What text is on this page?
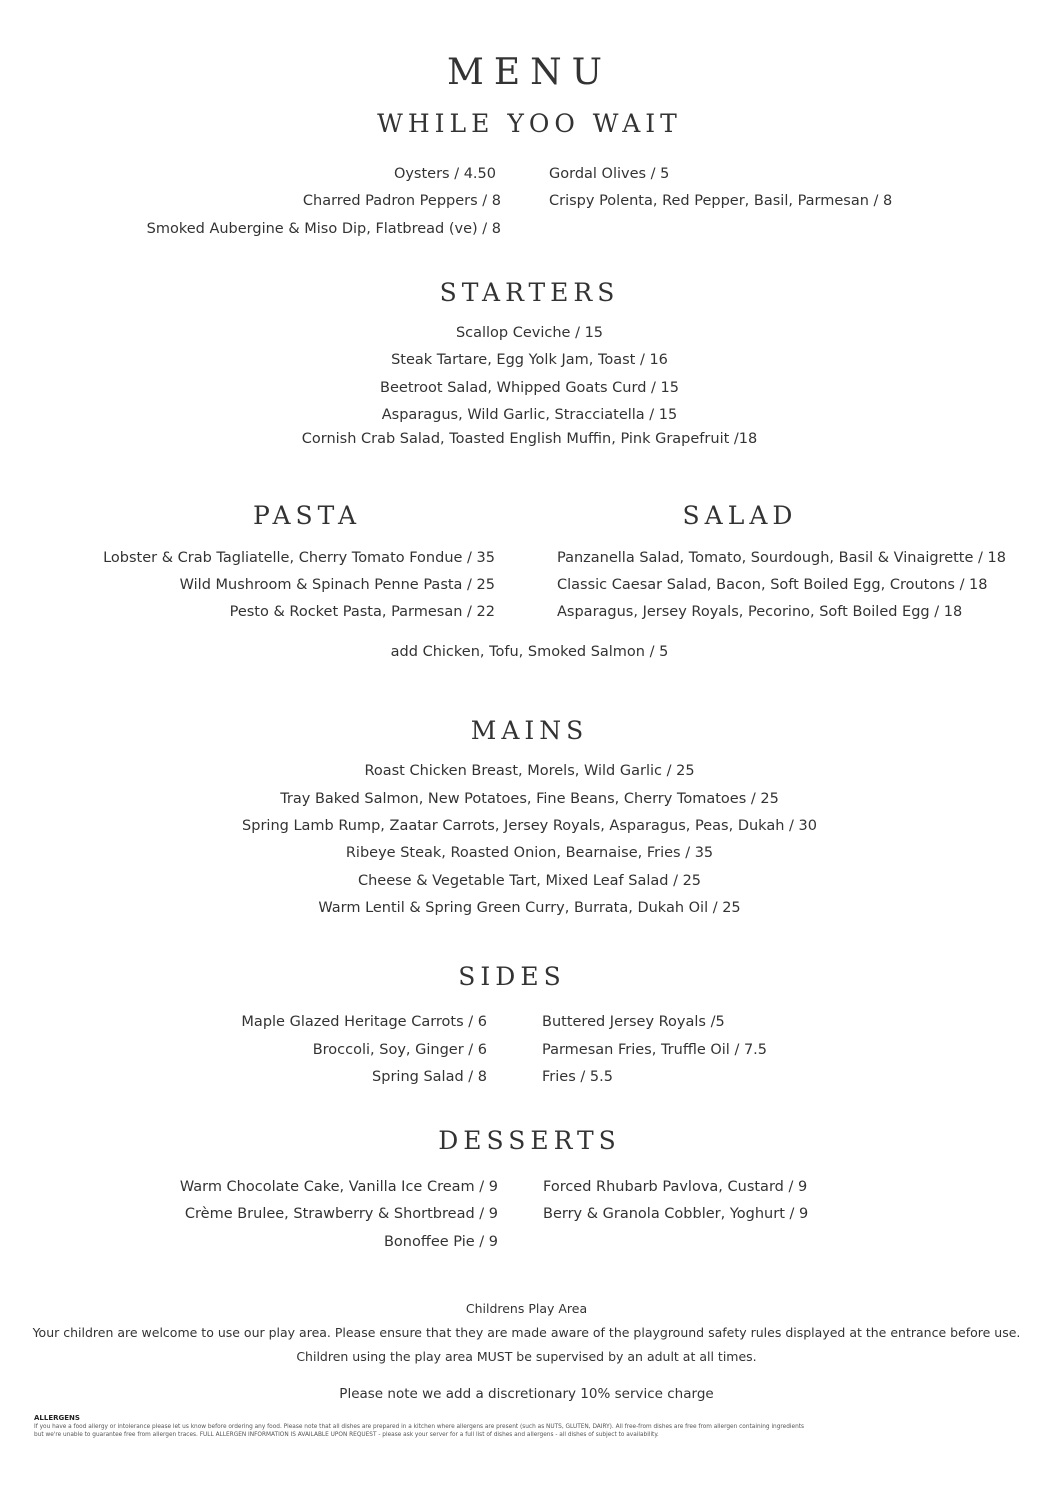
MENU
WHILE YOO WAIT
Oysters / 4.50
Charred Padron Peppers / 8
Smoked Aubergine & Miso Dip, Flatbread (ve) / 8
Gordal Olives / 5
Crispy Polenta, Red Pepper, Basil, Parmesan / 8
STARTERS
Scallop Ceviche / 15
Steak Tartare, Egg Yolk Jam, Toast / 16
Beetroot Salad, Whipped Goats Curd / 15
Asparagus, Wild Garlic, Stracciatella / 15
Cornish Crab Salad, Toasted English Muffin, Pink Grapefruit /18
PASTA
Lobster & Crab Tagliatelle, Cherry Tomato Fondue / 35
Wild Mushroom & Spinach Penne Pasta / 25
Pesto & Rocket Pasta, Parmesan / 22
SALAD
Panzanella Salad, Tomato, Sourdough, Basil & Vinaigrette / 18
Classic Caesar Salad, Bacon, Soft Boiled Egg, Croutons / 18
Asparagus, Jersey Royals, Pecorino, Soft Boiled Egg / 18
add Chicken, Tofu, Smoked Salmon / 5
MAINS
Roast Chicken Breast, Morels, Wild Garlic / 25
Tray Baked Salmon, New Potatoes, Fine Beans, Cherry Tomatoes / 25
Spring Lamb Rump, Zaatar Carrots, Jersey Royals, Asparagus, Peas, Dukah / 30
Ribeye Steak, Roasted Onion, Bearnaise, Fries / 35
Cheese & Vegetable Tart, Mixed Leaf Salad / 25
Warm Lentil & Spring Green Curry, Burrata, Dukah Oil / 25
SIDES
Maple Glazed Heritage Carrots / 6
Broccoli, Soy, Ginger / 6
Spring Salad / 8
Buttered Jersey Royals /5
Parmesan Fries, Truffle Oil / 7.5
Fries / 5.5
DESSERTS
Warm Chocolate Cake, Vanilla Ice Cream / 9
Crème Brulee, Strawberry & Shortbread / 9
Bonoffee Pie / 9
Forced Rhubarb Pavlova, Custard / 9
Berry & Granola Cobbler, Yoghurt / 9
Childrens Play Area
Your children are welcome to use our play area. Please ensure that they are made aware of the playground safety rules displayed at the entrance before use.
Children using the play area MUST be supervised by an adult at all times.
Please note we add a discretionary 10% service charge
ALLERGENS
If you have a food allergy or intolerance please let us know before ordering any food. Please note that all dishes are prepared in a kitchen where allergens are present (such as NUTS, GLUTEN, DAIRY). All free-from dishes are free from allergen containing ingredients
but we're unable to guarantee free from allergen traces. FULL ALLERGEN INFORMATION IS AVAILABLE UPON REQUEST - please ask your server for a full list of dishes and allergens - all dishes of subject to availability.
